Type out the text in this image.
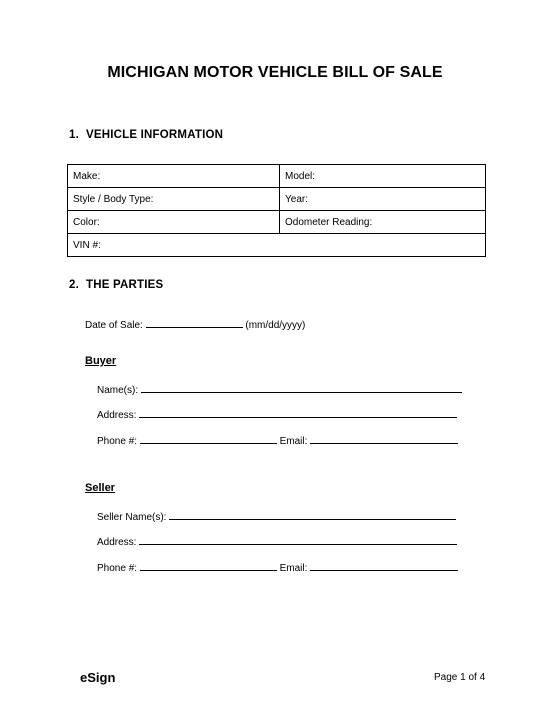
MICHIGAN MOTOR VEHICLE BILL OF SALE
1. VEHICLE INFORMATION
Make:	Model:
Style / Body Type:	Year:
Color:	Odometer Reading:
VIN #:	
2. THE PARTIES
Date of Sale:	(mm/dd/yyyy)
Buyer
Name(s):
Address:
Phone #:	Email:
Seller
Seller Name(s):
Address:
Phone #:	Email:
eSign	Page 1 of 4
